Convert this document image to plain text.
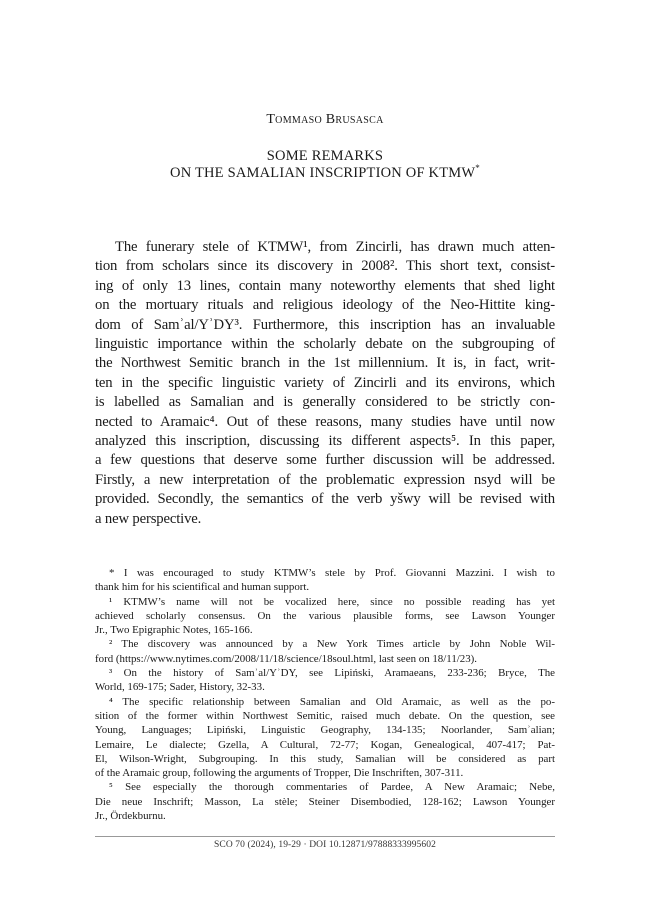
Tommaso Brusasca
SOME REMARKS
ON THE SAMALIAN INSCRIPTION OF KTMW*
The funerary stele of KTMW¹, from Zincirli, has drawn much atten-
tion from scholars since its discovery in 2008². This short text, consist-
ing of only 13 lines, contain many noteworthy elements that shed light
on the mortuary rituals and religious ideology of the Neo-Hittite king-
dom of Samʾal/YʾDY³. Furthermore, this inscription has an invaluable
linguistic importance within the scholarly debate on the subgrouping of
the Northwest Semitic branch in the 1st millennium. It is, in fact, writ-
ten in the specific linguistic variety of Zincirli and its environs, which
is labelled as Samalian and is generally considered to be strictly con-
nected to Aramaic⁴. Out of these reasons, many studies have until now
analyzed this inscription, discussing its different aspects⁵. In this paper,
a few questions that deserve some further discussion will be addressed.
Firstly, a new interpretation of the problematic expression nsyd will be
provided. Secondly, the semantics of the verb yšwy will be revised with
a new perspective.
* I was encouraged to study KTMW’s stele by Prof. Giovanni Mazzini. I wish to
thank him for his scientifical and human support.
¹ KTMW’s name will not be vocalized here, since no possible reading has yet
achieved scholarly consensus. On the various plausible forms, see Lawson Younger
Jr., Two Epigraphic Notes, 165-166.
² The discovery was announced by a New York Times article by John Noble Wil-
ford (https://www.nytimes.com/2008/11/18/science/18soul.html, last seen on 18/11/23).
³ On the history of Samʾal/YʾDY, see Lipiński, Aramaeans, 233-236; Bryce, The
World, 169-175; Sader, History, 32-33.
⁴ The specific relationship between Samalian and Old Aramaic, as well as the po-
sition of the former within Northwest Semitic, raised much debate. On the question, see
Young, Languages; Lipiński, Linguistic Geography, 134-135; Noorlander, Samʾalian;
Lemaire, Le dialecte; Gzella, A Cultural, 72-77; Kogan, Genealogical, 407-417; Pat-
El, Wilson-Wright, Subgrouping. In this study, Samalian will be considered as part
of the Aramaic group, following the arguments of Tropper, Die Inschriften, 307-311.
⁵ See especially the thorough commentaries of Pardee, A New Aramaic; Nebe,
Die neue Inschrift; Masson, La stèle; Steiner Disembodied, 128-162; Lawson Younger
Jr., Ördekburnu.
SCO 70 (2024), 19-29 · DOI 10.12871/97888333995602
